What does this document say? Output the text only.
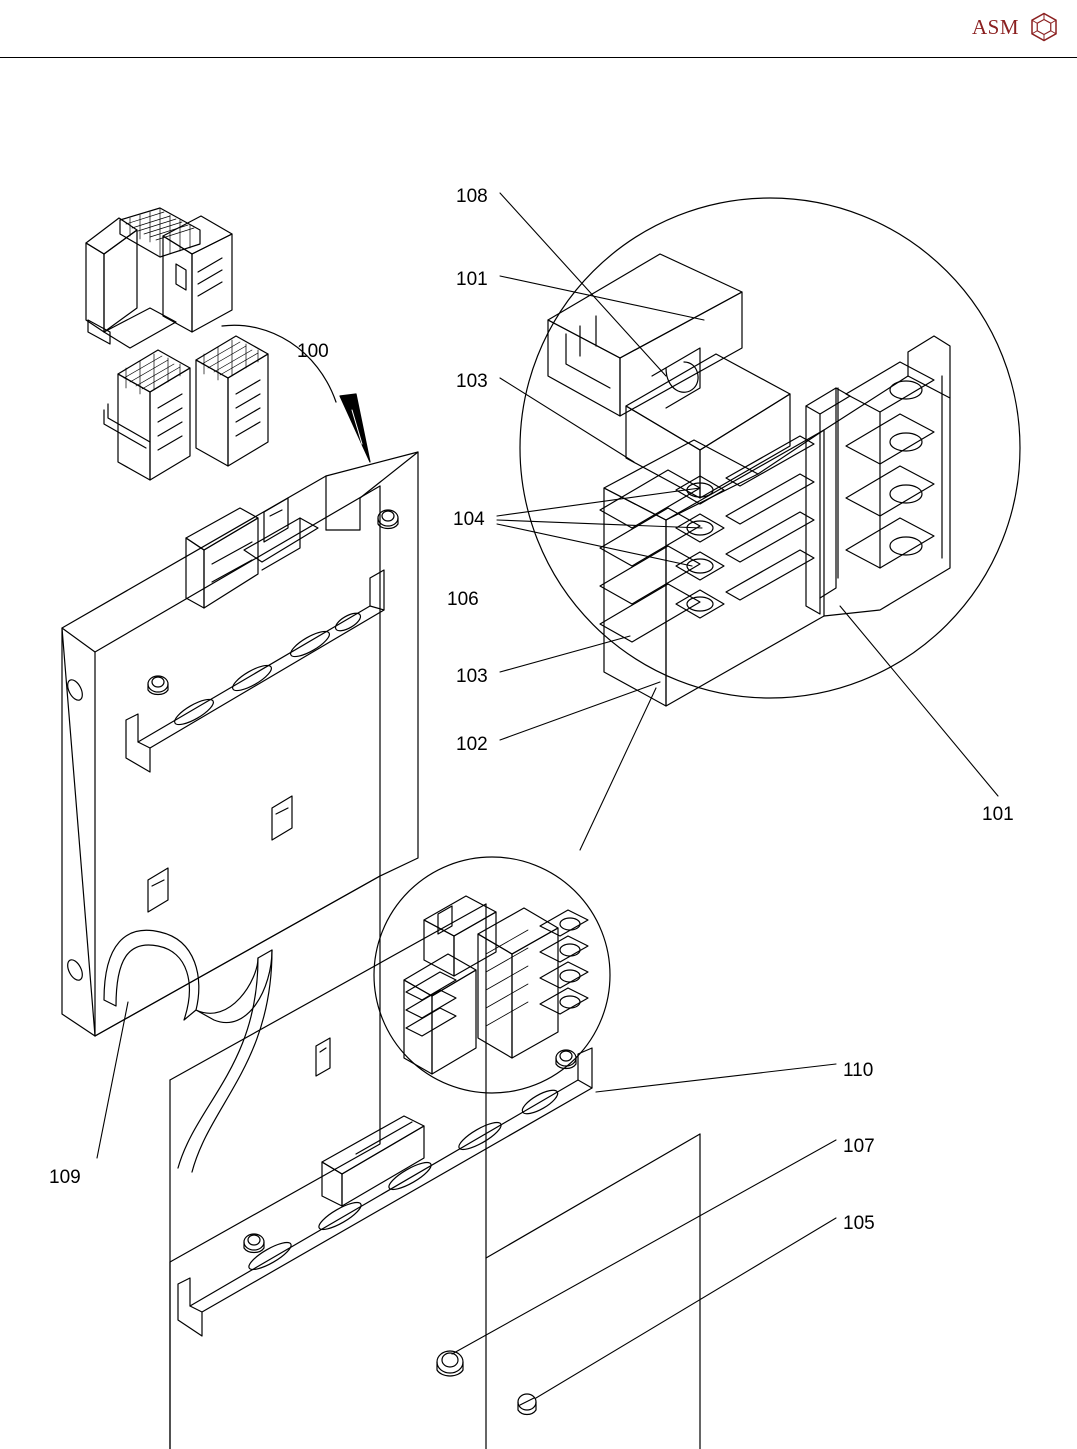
ASM
108
101
103
104
103
102
101
100
106
109
110
107
105
